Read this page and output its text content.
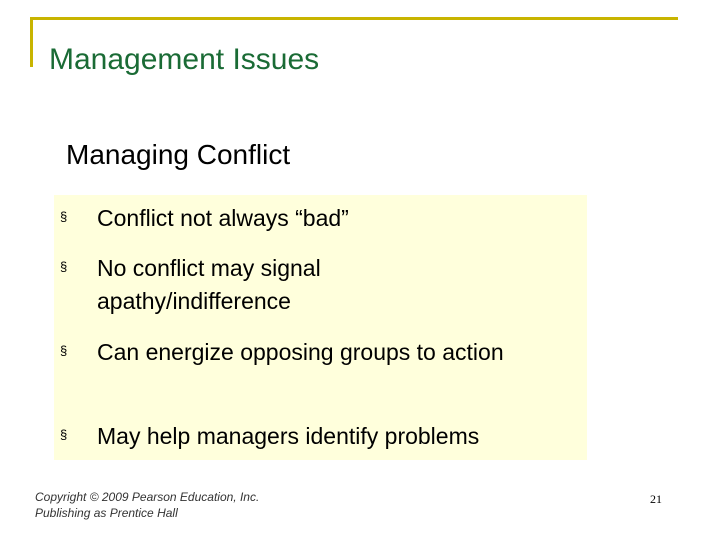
Management Issues
Managing Conflict
§ Conflict not always “bad”
§ No conflict may signal apathy/indifference
§ Can energize opposing groups to action
§ May help managers identify problems
Copyright © 2009 Pearson Education, Inc.
Publishing as Prentice Hall
21
